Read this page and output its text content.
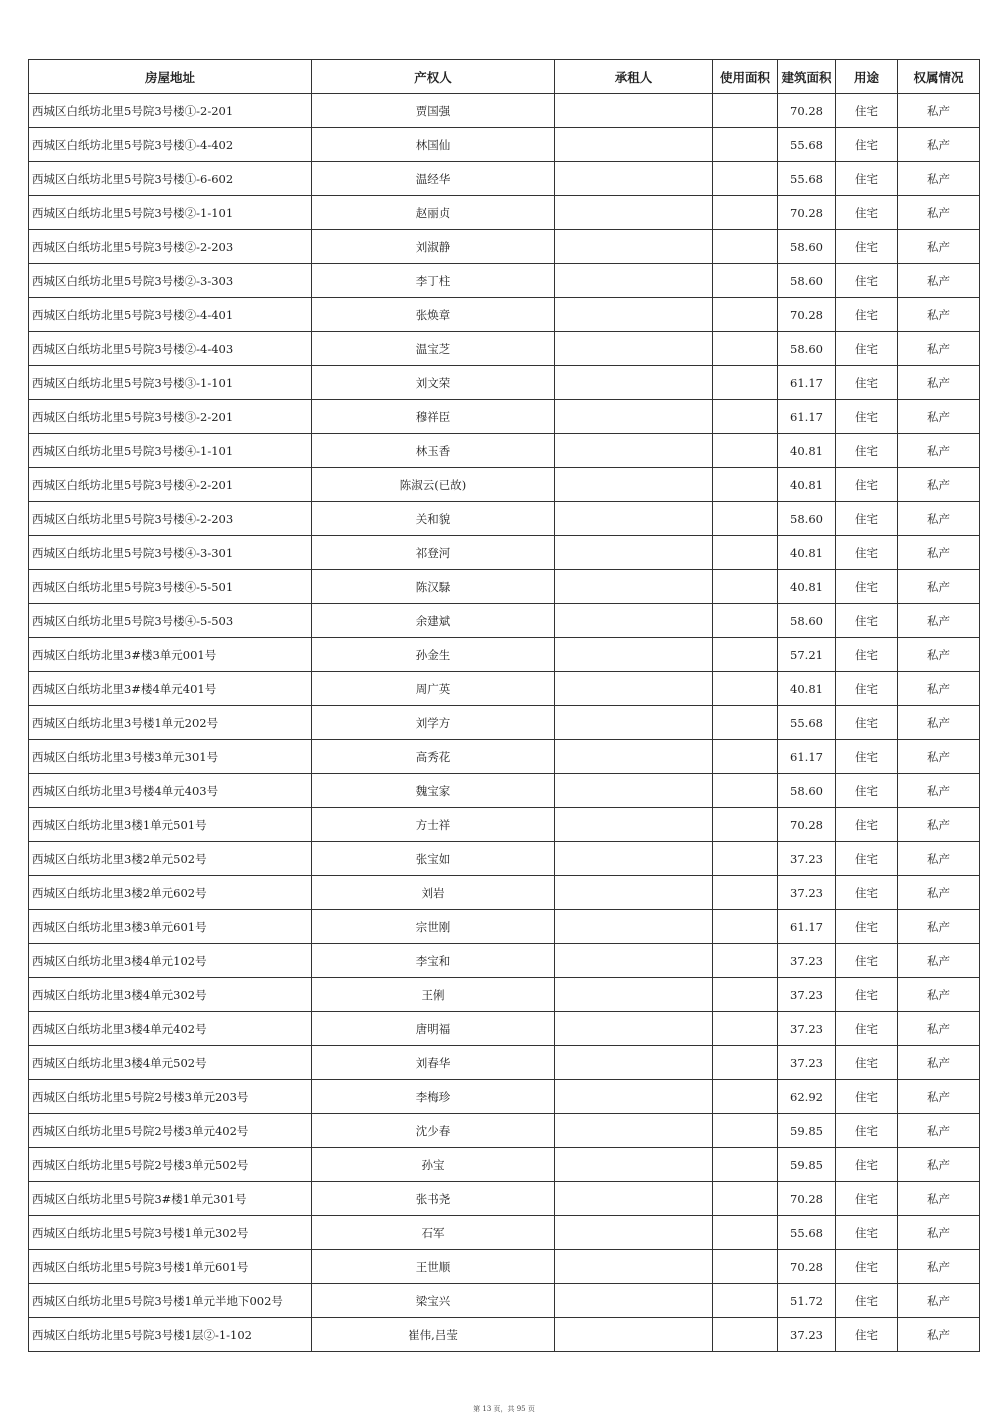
房屋地址	产权人	承租人	使用面积	建筑面积	用途	权属情况
西城区白纸坊北里5号院3号楼①-2-201	贾国强			70.28	住宅	私产
西城区白纸坊北里5号院3号楼①-4-402	林国仙			55.68	住宅	私产
西城区白纸坊北里5号院3号楼①-6-602	温经华			55.68	住宅	私产
西城区白纸坊北里5号院3号楼②-1-101	赵丽贞			70.28	住宅	私产
西城区白纸坊北里5号院3号楼②-2-203	刘淑静			58.60	住宅	私产
西城区白纸坊北里5号院3号楼②-3-303	李丁柱			58.60	住宅	私产
西城区白纸坊北里5号院3号楼②-4-401	张焕章			70.28	住宅	私产
西城区白纸坊北里5号院3号楼②-4-403	温宝芝			58.60	住宅	私产
西城区白纸坊北里5号院3号楼③-1-101	刘文荣			61.17	住宅	私产
西城区白纸坊北里5号院3号楼③-2-201	穆祥臣			61.17	住宅	私产
西城区白纸坊北里5号院3号楼④-1-101	林玉香			40.81	住宅	私产
西城区白纸坊北里5号院3号楼④-2-201	陈淑云(已故)			40.81	住宅	私产
西城区白纸坊北里5号院3号楼④-2-203	关和貌			58.60	住宅	私产
西城区白纸坊北里5号院3号楼④-3-301	祁登河			40.81	住宅	私产
西城区白纸坊北里5号院3号楼④-5-501	陈汉騄			40.81	住宅	私产
西城区白纸坊北里5号院3号楼④-5-503	余建斌			58.60	住宅	私产
西城区白纸坊北里3#楼3单元001号	孙金生			57.21	住宅	私产
西城区白纸坊北里3#楼4单元401号	周广英			40.81	住宅	私产
西城区白纸坊北里3号楼1单元202号	刘学方			55.68	住宅	私产
西城区白纸坊北里3号楼3单元301号	高秀花			61.17	住宅	私产
西城区白纸坊北里3号楼4单元403号	魏宝家			58.60	住宅	私产
西城区白纸坊北里3楼1单元501号	方士祥			70.28	住宅	私产
西城区白纸坊北里3楼2单元502号	张宝如			37.23	住宅	私产
西城区白纸坊北里3楼2单元602号	刘岩			37.23	住宅	私产
西城区白纸坊北里3楼3单元601号	宗世刚			61.17	住宅	私产
西城区白纸坊北里3楼4单元102号	李宝和			37.23	住宅	私产
西城区白纸坊北里3楼4单元302号	王俐			37.23	住宅	私产
西城区白纸坊北里3楼4单元402号	唐明福			37.23	住宅	私产
西城区白纸坊北里3楼4单元502号	刘春华			37.23	住宅	私产
西城区白纸坊北里5号院2号楼3单元203号	李梅珍			62.92	住宅	私产
西城区白纸坊北里5号院2号楼3单元402号	沈少春			59.85	住宅	私产
西城区白纸坊北里5号院2号楼3单元502号	孙宝			59.85	住宅	私产
西城区白纸坊北里5号院3#楼1单元301号	张书尧			70.28	住宅	私产
西城区白纸坊北里5号院3号楼1单元302号	石军			55.68	住宅	私产
西城区白纸坊北里5号院3号楼1单元601号	王世顺			70.28	住宅	私产
西城区白纸坊北里5号院3号楼1单元半地下002号	梁宝兴			51.72	住宅	私产
西城区白纸坊北里5号院3号楼1层②-1-102	崔伟,吕莹			37.23	住宅	私产
第 13 页，共 95 页
